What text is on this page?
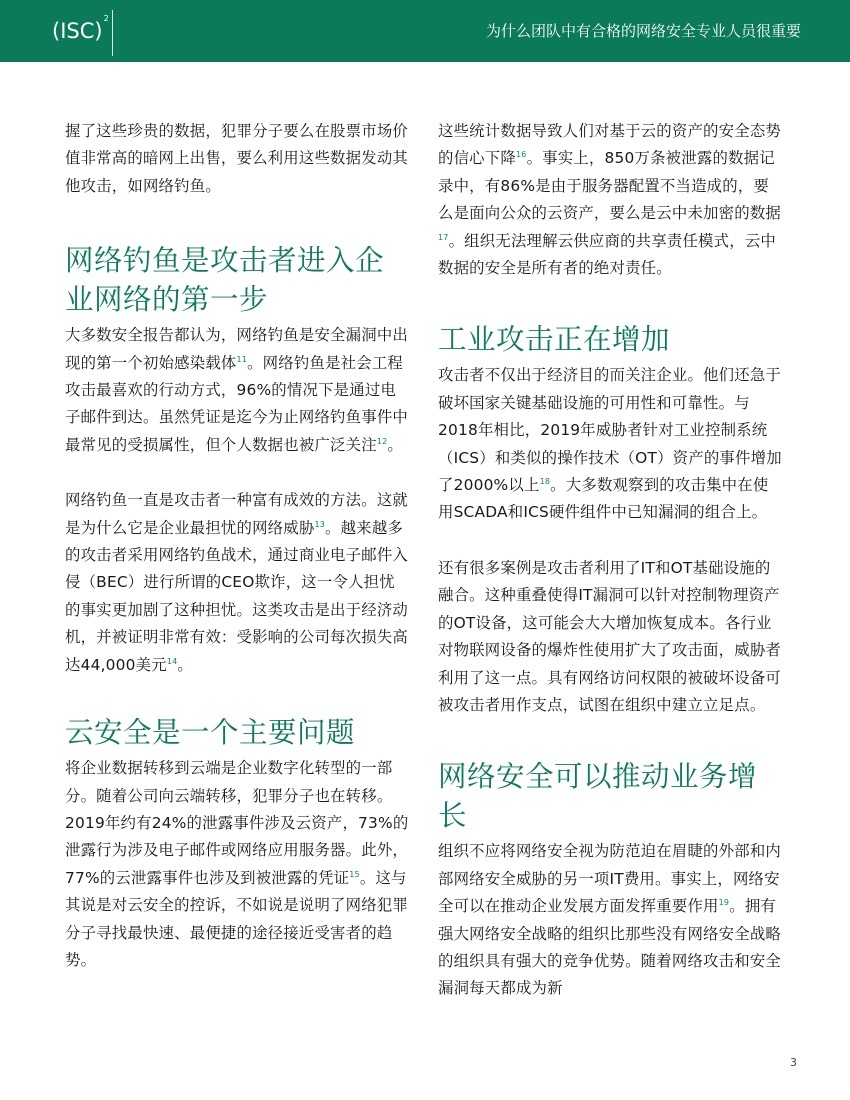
(ISC)$^2$
为什么团队中有合格的网络安全专业人员很重要

握了这些珍贵的数据，犯罪分子要么在股票市场价值非常高的暗网上出售，要么利用这些数据发动其他攻击，如网络钓鱼。

网络钓鱼是攻击者进入企业网络的第一步

大多数安全报告都认为，网络钓鱼是安全漏洞中出现的第一个初始感染载体$^{11}$。网络钓鱼是社会工程攻击最喜欢的行动方式，96%的情况下是通过电子邮件到达。虽然凭证是迄今为止网络钓鱼事件中最常见的受损属性，但个人数据也被广泛关注$^{12}$。

网络钓鱼一直是攻击者一种富有成效的方法。这就是为什么它是企业最担忧的网络威胁$^{13}$。越来越多的攻击者采用网络钓鱼战术，通过商业电子邮件入侵（BEC）进行所谓的CEO欺诈，这一令人担忧的事实更加剧了这种担忧。这类攻击是出于经济动机，并被证明非常有效：受影响的公司每次损失高达44,000美元$^{14}$。

云安全是一个主要问题

将企业数据转移到云端是企业数字化转型的一部分。随着公司向云端转移，犯罪分子也在转移。2019年约有24%的泄露事件涉及云资产，73%的泄露行为涉及电子邮件或网络应用服务器。此外，77%的云泄露事件也涉及到被泄露的凭证$^{15}$。这与其说是对云安全的控诉，不如说是说明了网络犯罪分子寻找最快速、最便捷的途径接近受害者的趋势。

这些统计数据导致人们对基于云的资产的安全态势的信心下降$^{16}$。事实上，850万条被泄露的数据记录中，有86%是由于服务器配置不当造成的，要么是面向公众的云资产，要么是云中未加密的数据$^{17}$。组织无法理解云供应商的共享责任模式，云中数据的安全是所有者的绝对责任。

工业攻击正在增加

攻击者不仅出于经济目的而关注企业。他们还急于破坏国家关键基础设施的可用性和可靠性。与2018年相比，2019年威胁者针对工业控制系统（ICS）和类似的操作技术（OT）资产的事件增加了2000%以上$^{18}$。大多数观察到的攻击集中在使用SCADA和ICS硬件组件中已知漏洞的组合上。

还有很多案例是攻击者利用了IT和OT基础设施的融合。这种重叠使得IT漏洞可以针对控制物理资产的OT设备，这可能会大大增加恢复成本。各行业对物联网设备的爆炸性使用扩大了攻击面，威胁者利用了这一点。具有网络访问权限的被破坏设备可被攻击者用作支点，试图在组织中建立立足点。

网络安全可以推动业务增长

组织不应将网络安全视为防范迫在眉睫的外部和内部网络安全威胁的另一项IT费用。事实上，网络安全可以在推动企业发展方面发挥重要作用$^{19}$。拥有强大网络安全战略的组织比那些没有网络安全战略的组织具有强大的竞争优势。随着网络攻击和安全漏洞每天都成为新

3
